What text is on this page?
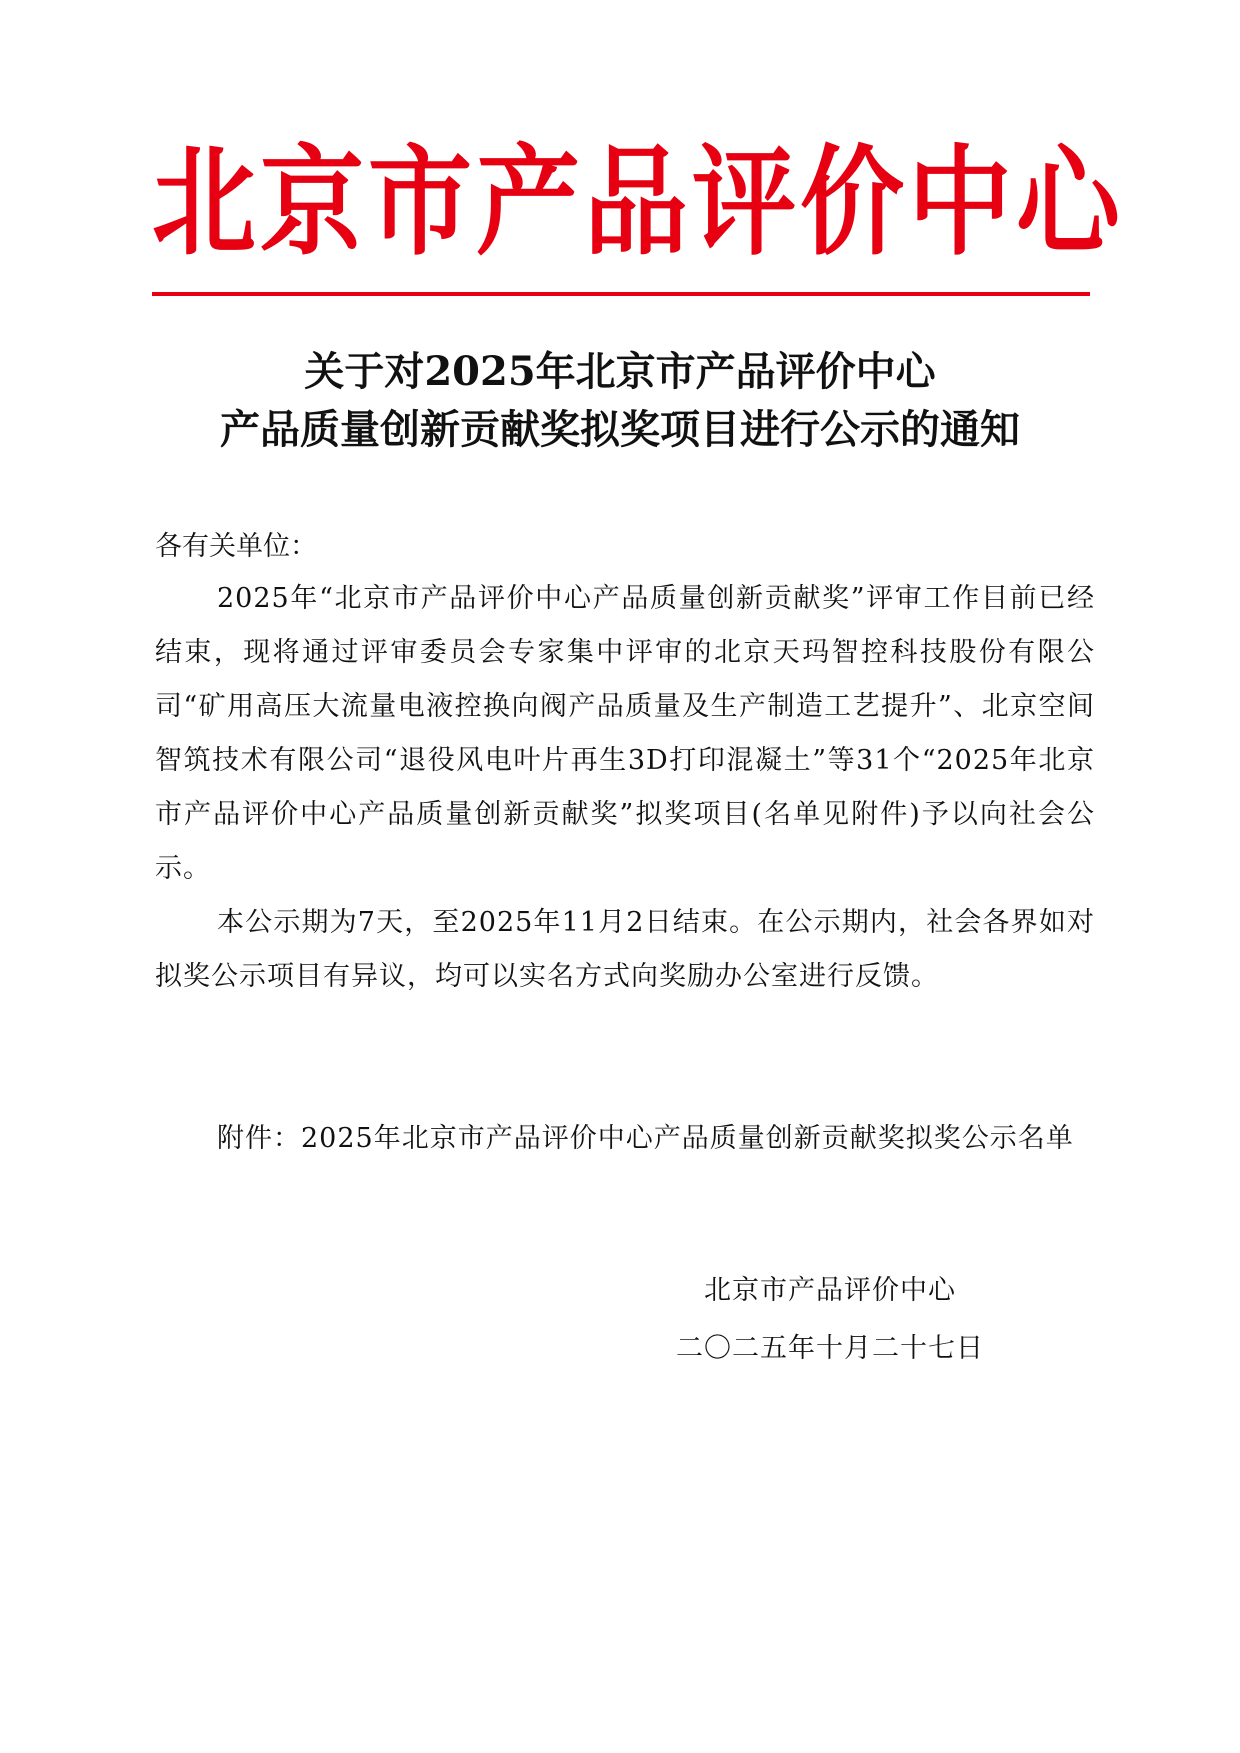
北京市产品评价中心
关于对2025年北京市产品评价中心
产品质量创新贡献奖拟奖项目进行公示的通知
各有关单位：
2025年“北京市产品评价中心产品质量创新贡献奖”评审工作目前已经结束，现将通过评审委员会专家集中评审的北京天玛智控科技股份有限公司“矿用高压大流量电液控换向阀产品质量及生产制造工艺提升”、北京空间智筑技术有限公司“退役风电叶片再生3D打印混凝土”等31个“2025年北京市产品评价中心产品质量创新贡献奖”拟奖项目(名单见附件)予以向社会公示。
本公示期为7天，至2025年11月2日结束。在公示期内，社会各界如对拟奖公示项目有异议，均可以实名方式向奖励办公室进行反馈。
附件：2025年北京市产品评价中心产品质量创新贡献奖拟奖公示名单
北京市产品评价中心
二〇二五年十月二十七日
